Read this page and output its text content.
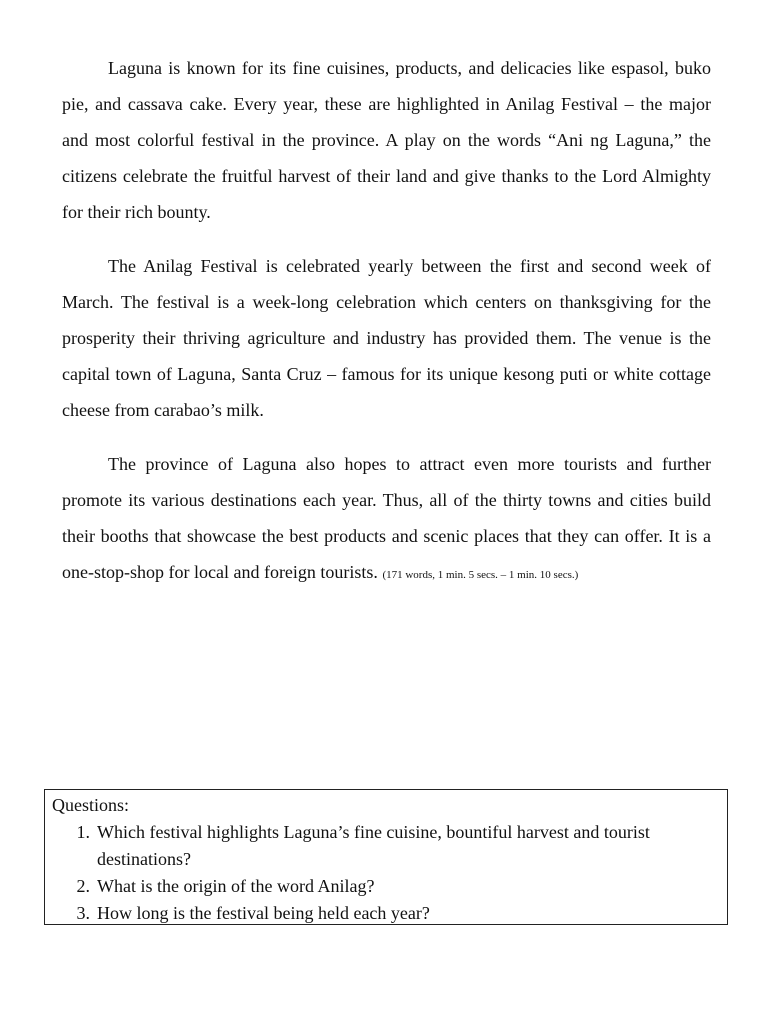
Laguna is known for its fine cuisines, products, and delicacies like espasol, buko pie, and cassava cake. Every year, these are highlighted in Anilag Festival – the major and most colorful festival in the province. A play on the words “Ani ng Laguna,” the citizens celebrate the fruitful harvest of their land and give thanks to the Lord Almighty for their rich bounty.

The Anilag Festival is celebrated yearly between the first and second week of March. The festival is a week-long celebration which centers on thanksgiving for the prosperity their thriving agriculture and industry has provided them. The venue is the capital town of Laguna, Santa Cruz – famous for its unique kesong puti or white cottage cheese from carabao’s milk.

The province of Laguna also hopes to attract even more tourists and further promote its various destinations each year. Thus, all of the thirty towns and cities build their booths that showcase the best products and scenic places that they can offer. It is a one-stop-shop for local and foreign tourists. (171 words, 1 min. 5 secs. – 1 min. 10 secs.)

Questions:
1. Which festival highlights Laguna’s fine cuisine, bountiful harvest and tourist destinations?
2. What is the origin of the word Anilag?
3. How long is the festival being held each year?
